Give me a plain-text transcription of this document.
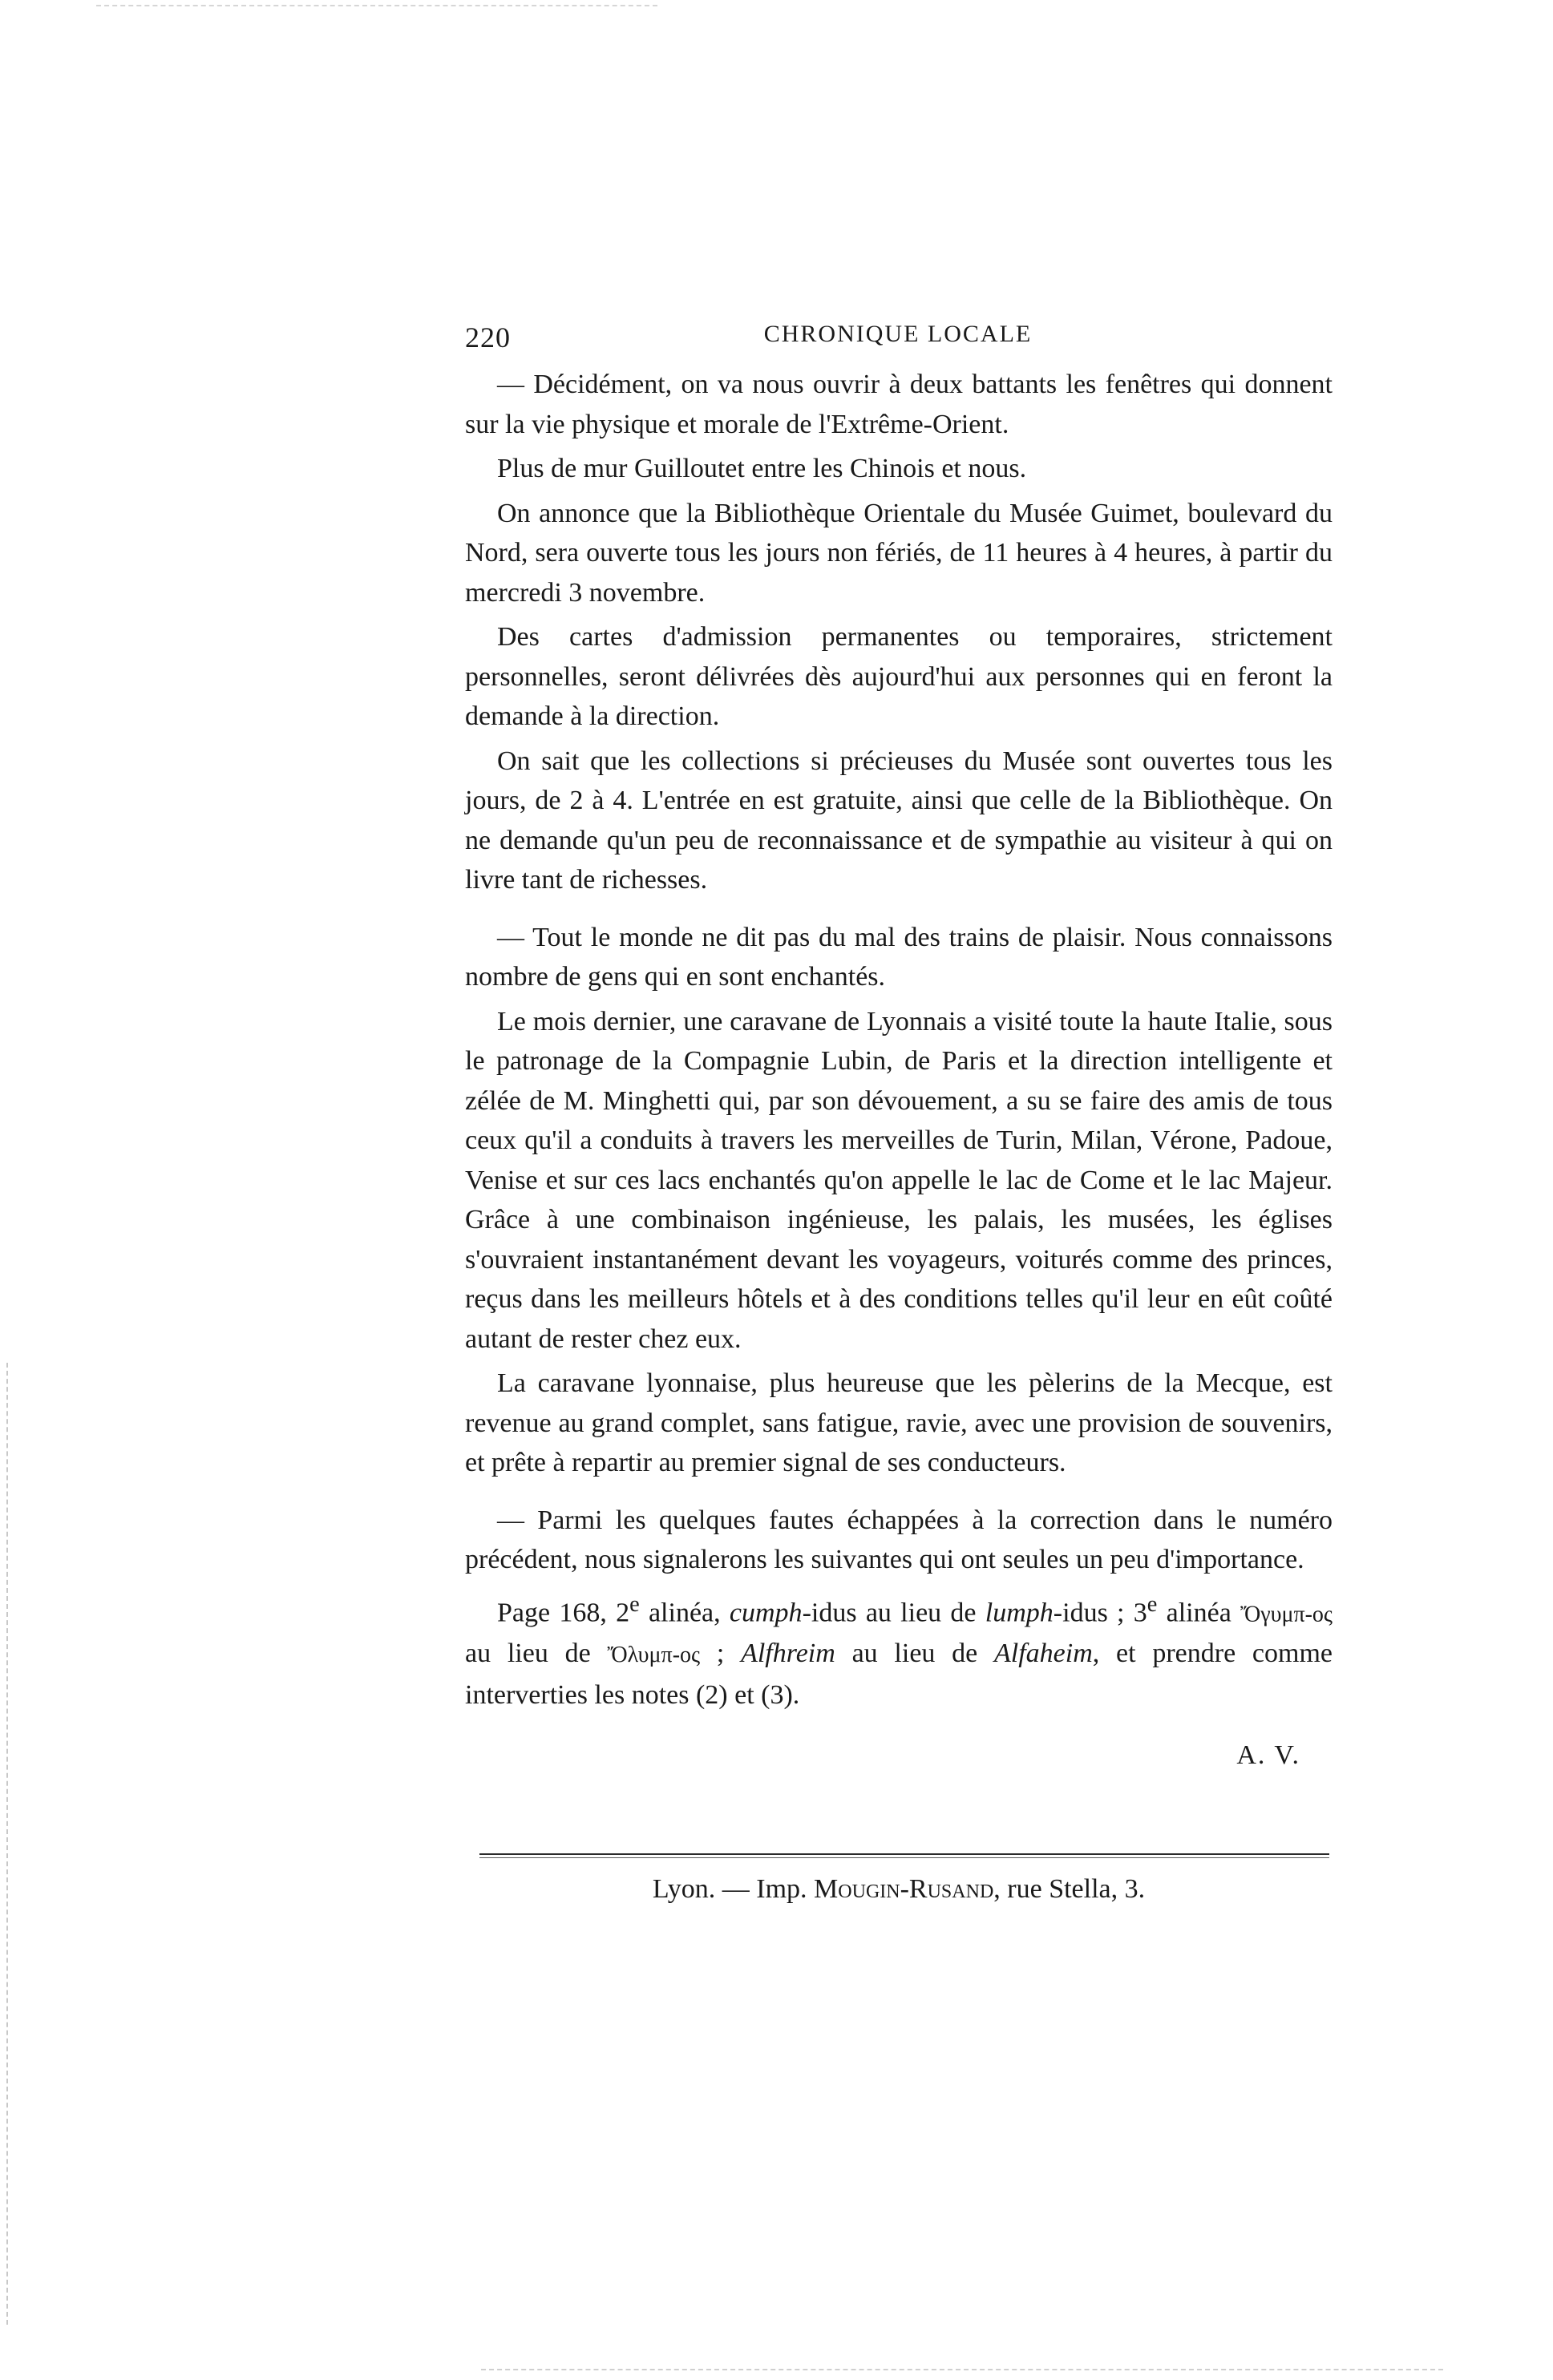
220	CHRONIQUE LOCALE

— Décidément, on va nous ouvrir à deux battants les fenêtres qui donnent sur la vie physique et morale de l'Extrême-Orient.

Plus de mur Guilloutet entre les Chinois et nous.

On annonce que la Bibliothèque Orientale du Musée Guimet, boulevard du Nord, sera ouverte tous les jours non fériés, de 11 heures à 4 heures, à partir du mercredi 3 novembre.

Des cartes d'admission permanentes ou temporaires, strictement personnelles, seront délivrées dès aujourd'hui aux personnes qui en feront la demande à la direction.

On sait que les collections si précieuses du Musée sont ouvertes tous les jours, de 2 à 4. L'entrée en est gratuite, ainsi que celle de la Bibliothèque. On ne demande qu'un peu de reconnaissance et de sympathie au visiteur à qui on livre tant de richesses.

— Tout le monde ne dit pas du mal des trains de plaisir. Nous connaissons nombre de gens qui en sont enchantés.

Le mois dernier, une caravane de Lyonnais a visité toute la haute Italie, sous le patronage de la Compagnie Lubin, de Paris et la direction intelligente et zélée de M. Minghetti qui, par son dévouement, a su se faire des amis de tous ceux qu'il a conduits à travers les merveilles de Turin, Milan, Vérone, Padoue, Venise et sur ces lacs enchantés qu'on appelle le lac de Come et le lac Majeur. Grâce à une combinaison ingénieuse, les palais, les musées, les églises s'ouvraient instantanément devant les voyageurs, voiturés comme des princes, reçus dans les meilleurs hôtels et à des conditions telles qu'il leur en eût coûté autant de rester chez eux.

La caravane lyonnaise, plus heureuse que les pèlerins de la Mecque, est revenue au grand complet, sans fatigue, ravie, avec une provision de souvenirs, et prête à repartir au premier signal de ses conducteurs.

— Parmi les quelques fautes échappées à la correction dans le numéro précédent, nous signalerons les suivantes qui ont seules un peu d'importance.

Page 168, 2e alinéa, cumph-idus au lieu de lumph-idus ; 3e alinéa Ὄγυμπ-ος au lieu de Ὄλυμπ-ος ; Alfhreim au lieu de Alfaheim, et prendre comme interverties les notes (2) et (3).

A. V.

Lyon. — Imp. Mougin-Rusand, rue Stella, 3.
